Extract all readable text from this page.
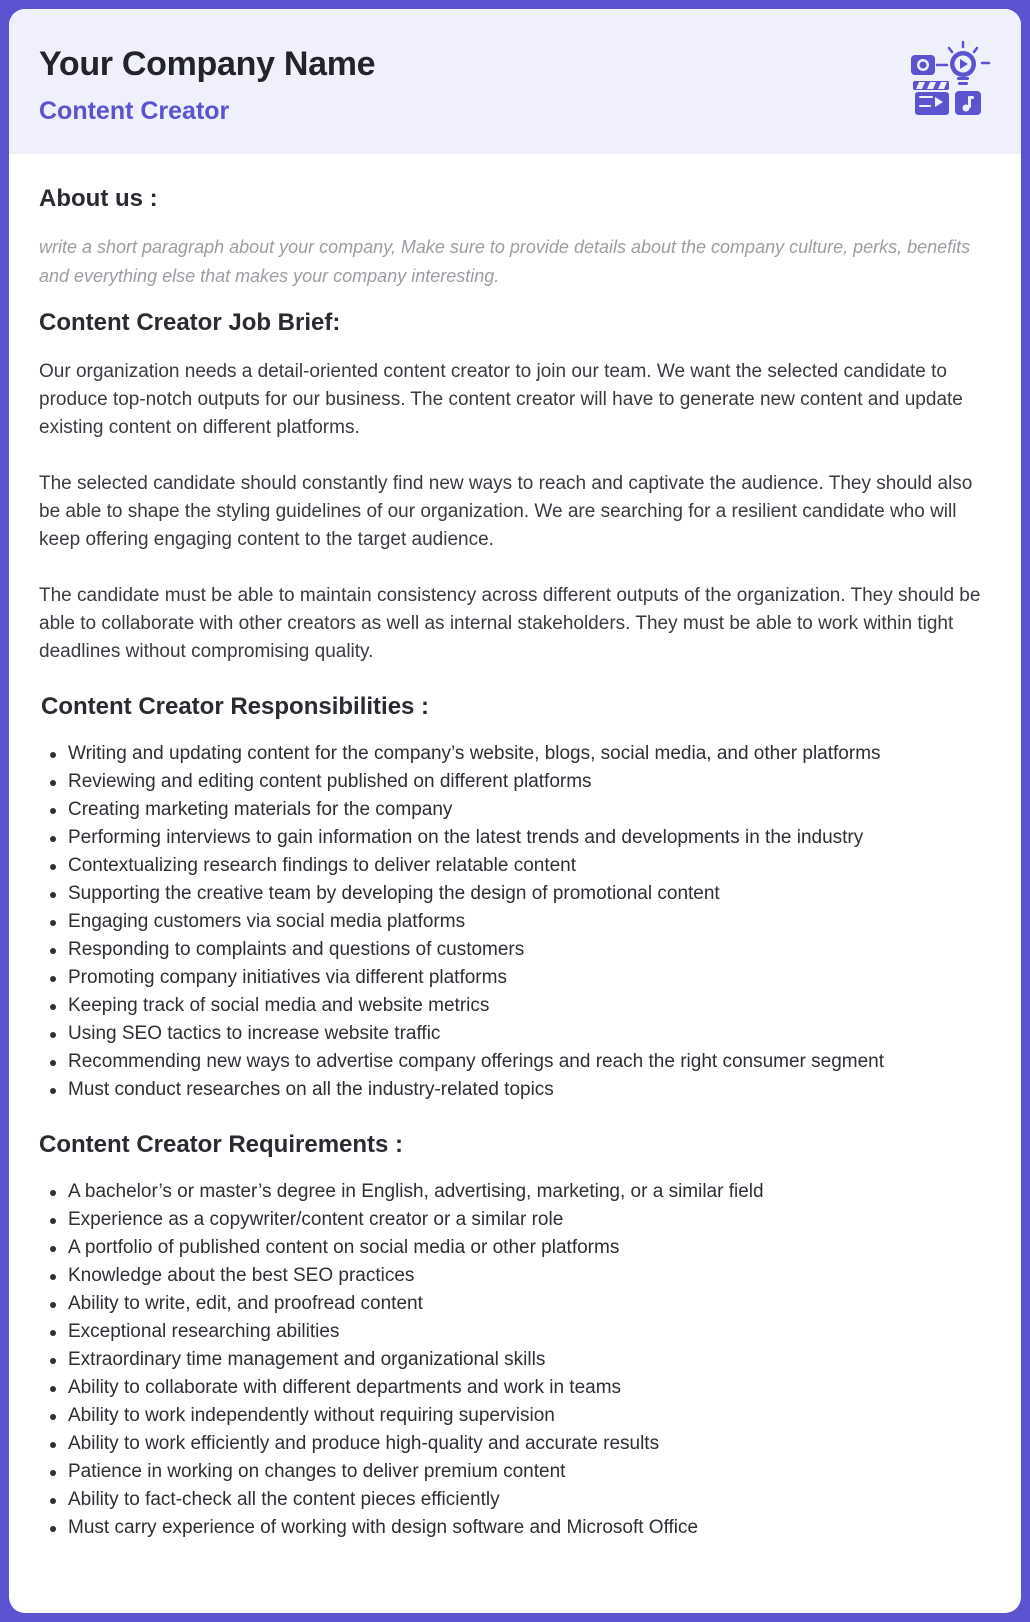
Your Company Name
Content Creator
About us :

write a short paragraph about your company, Make sure to provide details about the company culture, perks, benefits and everything else that makes your company interesting.

Content Creator Job Brief:

Our organization needs a detail-oriented content creator to join our team. We want the selected candidate to produce top-notch outputs for our business. The content creator will have to generate new content and update existing content on different platforms.

The selected candidate should constantly find new ways to reach and captivate the audience. They should also be able to shape the styling guidelines of our organization. We are searching for a resilient candidate who will keep offering engaging content to the target audience.

The candidate must be able to maintain consistency across different outputs of the organization. They should be able to collaborate with other creators as well as internal stakeholders. They must be able to work within tight deadlines without compromising quality.

Content Creator Responsibilities :
Writing and updating content for the company’s website, blogs, social media, and other platforms
Reviewing and editing content published on different platforms
Creating marketing materials for the company
Performing interviews to gain information on the latest trends and developments in the industry
Contextualizing research findings to deliver relatable content
Supporting the creative team by developing the design of promotional content
Engaging customers via social media platforms
Responding to complaints and questions of customers
Promoting company initiatives via different platforms
Keeping track of social media and website metrics
Using SEO tactics to increase website traffic
Recommending new ways to advertise company offerings and reach the right consumer segment
Must conduct researches on all the industry-related topics
Content Creator Requirements :
A bachelor’s or master’s degree in English, advertising, marketing, or a similar field
Experience as a copywriter/content creator or a similar role
A portfolio of published content on social media or other platforms
Knowledge about the best SEO practices
Ability to write, edit, and proofread content
Exceptional researching abilities
Extraordinary time management and organizational skills
Ability to collaborate with different departments and work in teams
Ability to work independently without requiring supervision
Ability to work efficiently and produce high-quality and accurate results
Patience in working on changes to deliver premium content
Ability to fact-check all the content pieces efficiently
Must carry experience of working with design software and Microsoft Office
